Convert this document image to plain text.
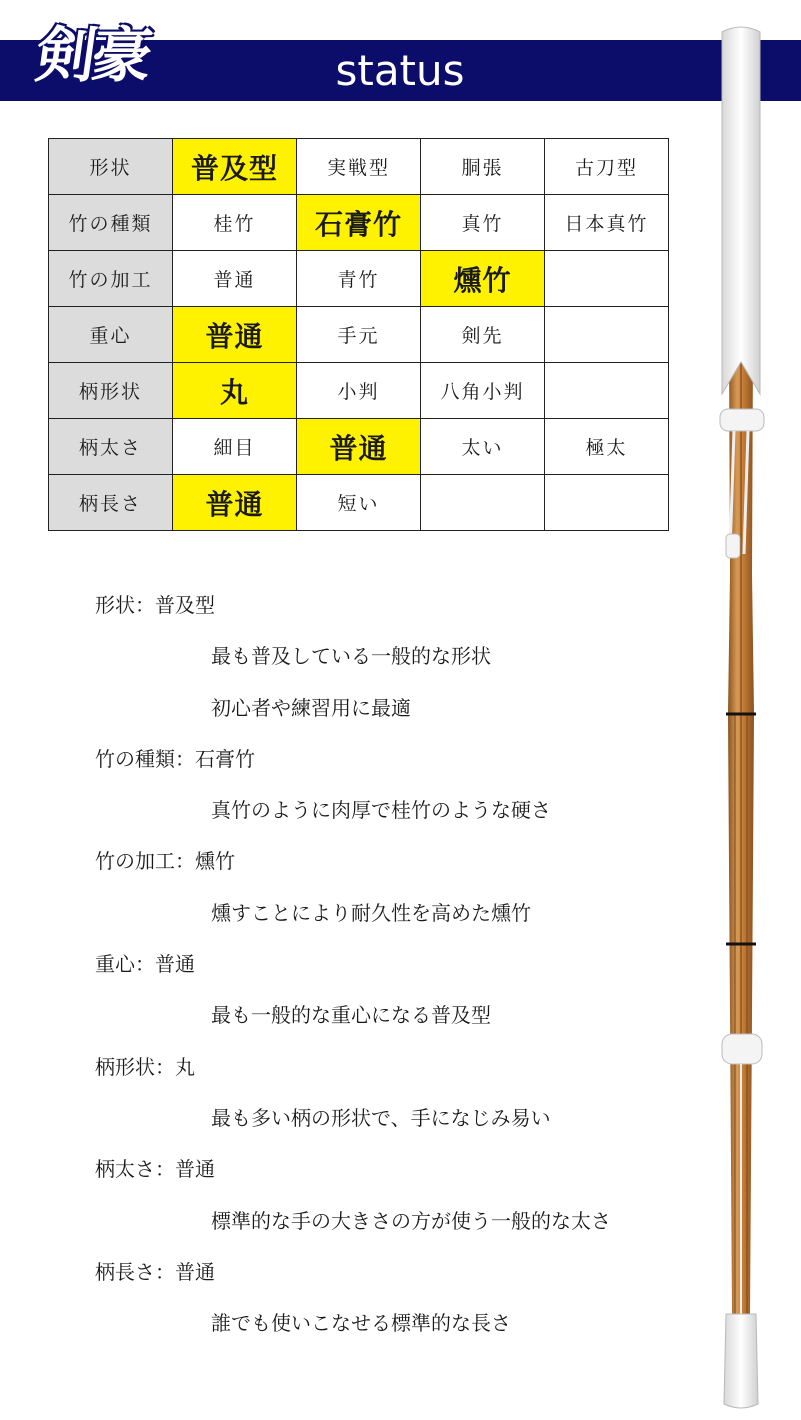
剣豪	status
形状	普及型	実戦型	胴張	古刀型
竹の種類	桂竹	石膏竹	真竹	日本真竹
竹の加工	普通	青竹	燻竹	
重心	普通	手元	剣先	
柄形状	丸	小判	八角小判	
柄太さ	細目	普通	太い	極太
柄長さ	普通	短い		
形状：普及型
最も普及している一般的な形状
初心者や練習用に最適
竹の種類：石膏竹
真竹のように肉厚で桂竹のような硬さ
竹の加工：燻竹
燻すことにより耐久性を高めた燻竹
重心：普通
最も一般的な重心になる普及型
柄形状：丸
最も多い柄の形状で、手になじみ易い
柄太さ：普通
標準的な手の大きさの方が使う一般的な太さ
柄長さ：普通
誰でも使いこなせる標準的な長さ
